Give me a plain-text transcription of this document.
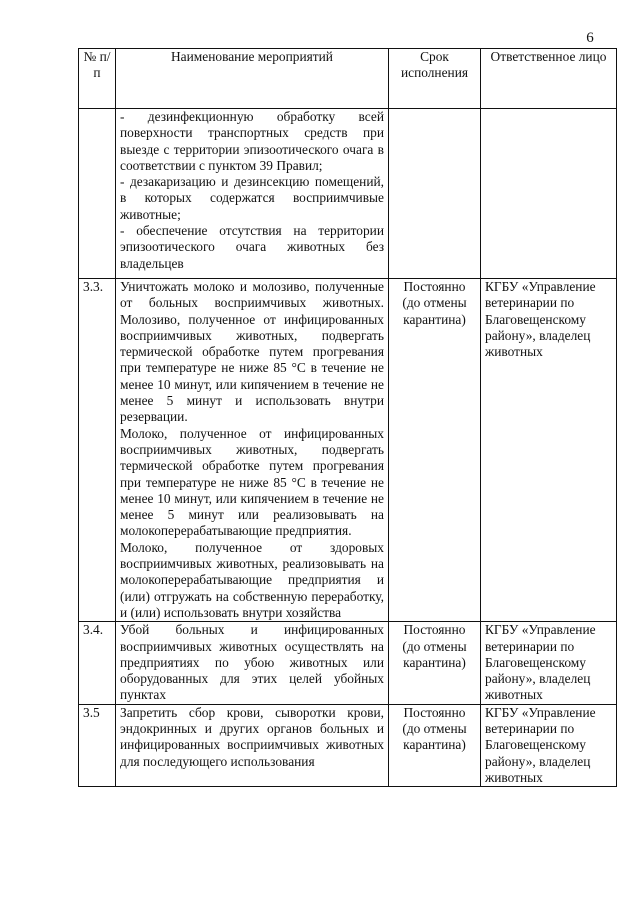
6
№ п/п	Наименование мероприятий	Срок исполнения	Ответственное лицо

	- дезинфекционную обработку всей поверхности транспортных средств при выезде с территории эпизоотического очага в соответствии с пунктом 39 Правил;

- дезакаризацию и дезинсекцию помещений, в которых содержатся восприимчивые животные;

- обеспечение отсутствия на территории эпизоотического очага животных без владельцев		

3.3.	Уничтожать молоко и молозиво, полученные от больных восприимчивых животных. Молозиво, полученное от инфицированных восприимчивых животных, подвергать термической обработке путем прогревания при температуре не ниже 85 °C в течение не менее 10 минут, или кипячением в течение не менее 5 минут и использовать внутри резервации.

Молоко, полученное от инфицированных восприимчивых животных, подвергать термической обработке путем прогревания при температуре не ниже 85 °C в течение не менее 10 минут, или кипячением в течение не менее 5 минут или реализовывать на молокоперерабатывающие предприятия.

Молоко, полученное от здоровых восприимчивых животных, реализовывать на молокоперерабатывающие предприятия и (или) отгружать на собственную переработку, и (или) использовать внутри хозяйства	Постоянно (до отмены карантина)	КГБУ «Управление ветеринарии по Благовещенскому району», владелец животных
3.4.	Убой больных и инфицированных восприимчивых животных осуществлять на предприятиях по убою животных или оборудованных для этих целей убойных пунктах	Постоянно (до отмены карантина)	КГБУ «Управление ветеринарии по Благовещенскому району», владелец животных
3.5	Запретить сбор крови, сыворотки крови, эндокринных и других органов больных и инфицированных восприимчивых животных для последующего использования	Постоянно (до отмены карантина)	КГБУ «Управление ветеринарии по Благовещенскому району», владелец животных
